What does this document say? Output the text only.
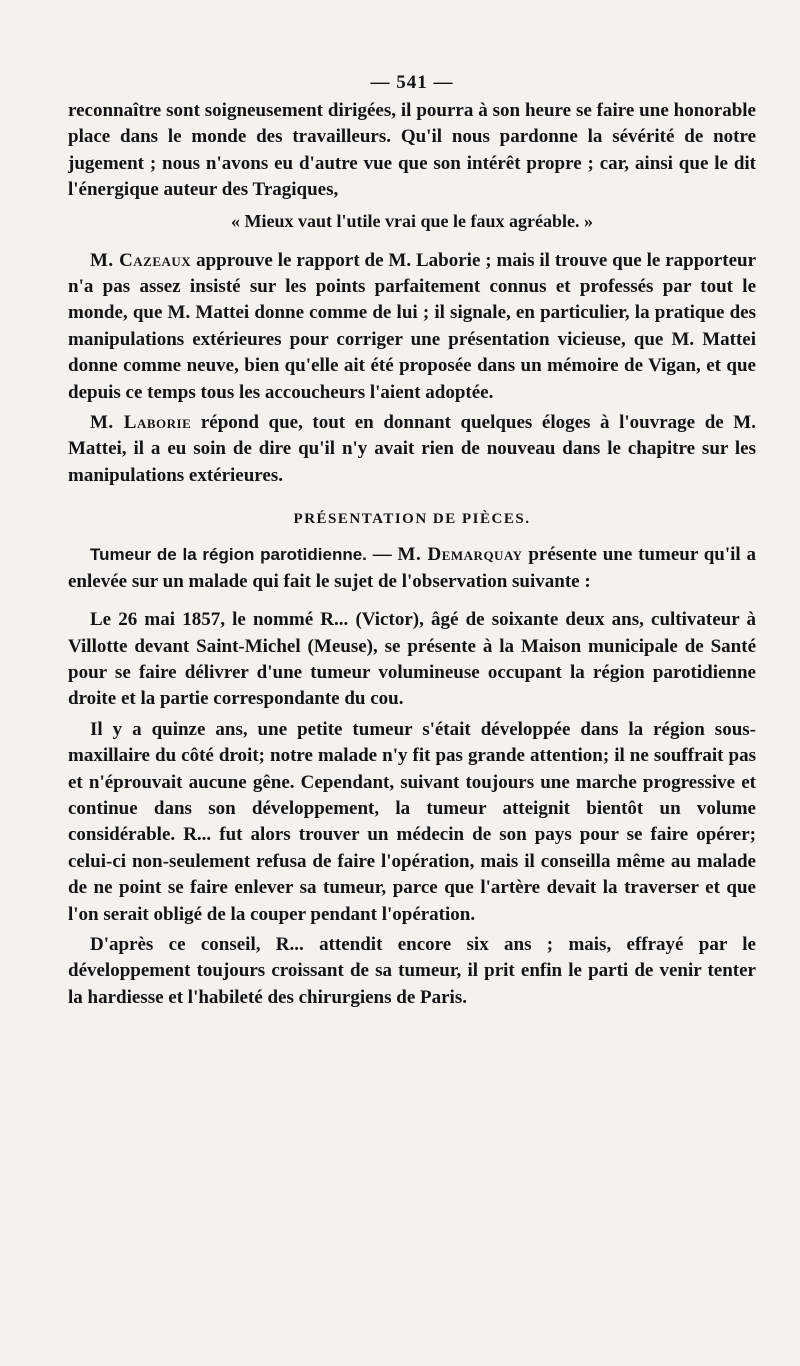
— 541 —

reconnaître sont soigneusement dirigées, il pourra à son heure se faire une honorable place dans le monde des travailleurs. Qu'il nous pardonne la sévérité de notre jugement ; nous n'avons eu d'autre vue que son intérêt propre ; car, ainsi que le dit l'énergique auteur des Tragiques,

« Mieux vaut l'utile vrai que le faux agréable. »

M. Cazeaux approuve le rapport de M. Laborie ; mais il trouve que le rapporteur n'a pas assez insisté sur les points parfaitement connus et professés par tout le monde, que M. Mattei donne comme de lui ; il signale, en particulier, la pratique des manipulations extérieures pour corriger une présentation vicieuse, que M. Mattei donne comme neuve, bien qu'elle ait été proposée dans un mémoire de Vigan, et que depuis ce temps tous les accoucheurs l'aient adoptée.

M. Laborie répond que, tout en donnant quelques éloges à l'ouvrage de M. Mattei, il a eu soin de dire qu'il n'y avait rien de nouveau dans le chapitre sur les manipulations extérieures.

PRÉSENTATION DE PIÈCES.

Tumeur de la région parotidienne. — M. Demarquay présente une tumeur qu'il a enlevée sur un malade qui fait le sujet de l'observation suivante :

Le 26 mai 1857, le nommé R... (Victor), âgé de soixante deux ans, cultivateur à Villotte devant Saint-Michel (Meuse), se présente à la Maison municipale de Santé pour se faire délivrer d'une tumeur volumineuse occupant la région parotidienne droite et la partie correspondante du cou.

Il y a quinze ans, une petite tumeur s'était développée dans la région sous-maxillaire du côté droit; notre malade n'y fit pas grande attention; il ne souffrait pas et n'éprouvait aucune gêne. Cependant, suivant toujours une marche progressive et continue dans son développement, la tumeur atteignit bientôt un volume considérable. R... fut alors trouver un médecin de son pays pour se faire opérer; celui-ci non-seulement refusa de faire l'opération, mais il conseilla même au malade de ne point se faire enlever sa tumeur, parce que l'artère devait la traverser et que l'on serait obligé de la couper pendant l'opération.

D'après ce conseil, R... attendit encore six ans ; mais, effrayé par le développement toujours croissant de sa tumeur, il prit enfin le parti de venir tenter la hardiesse et l'habileté des chirurgiens de Paris.
